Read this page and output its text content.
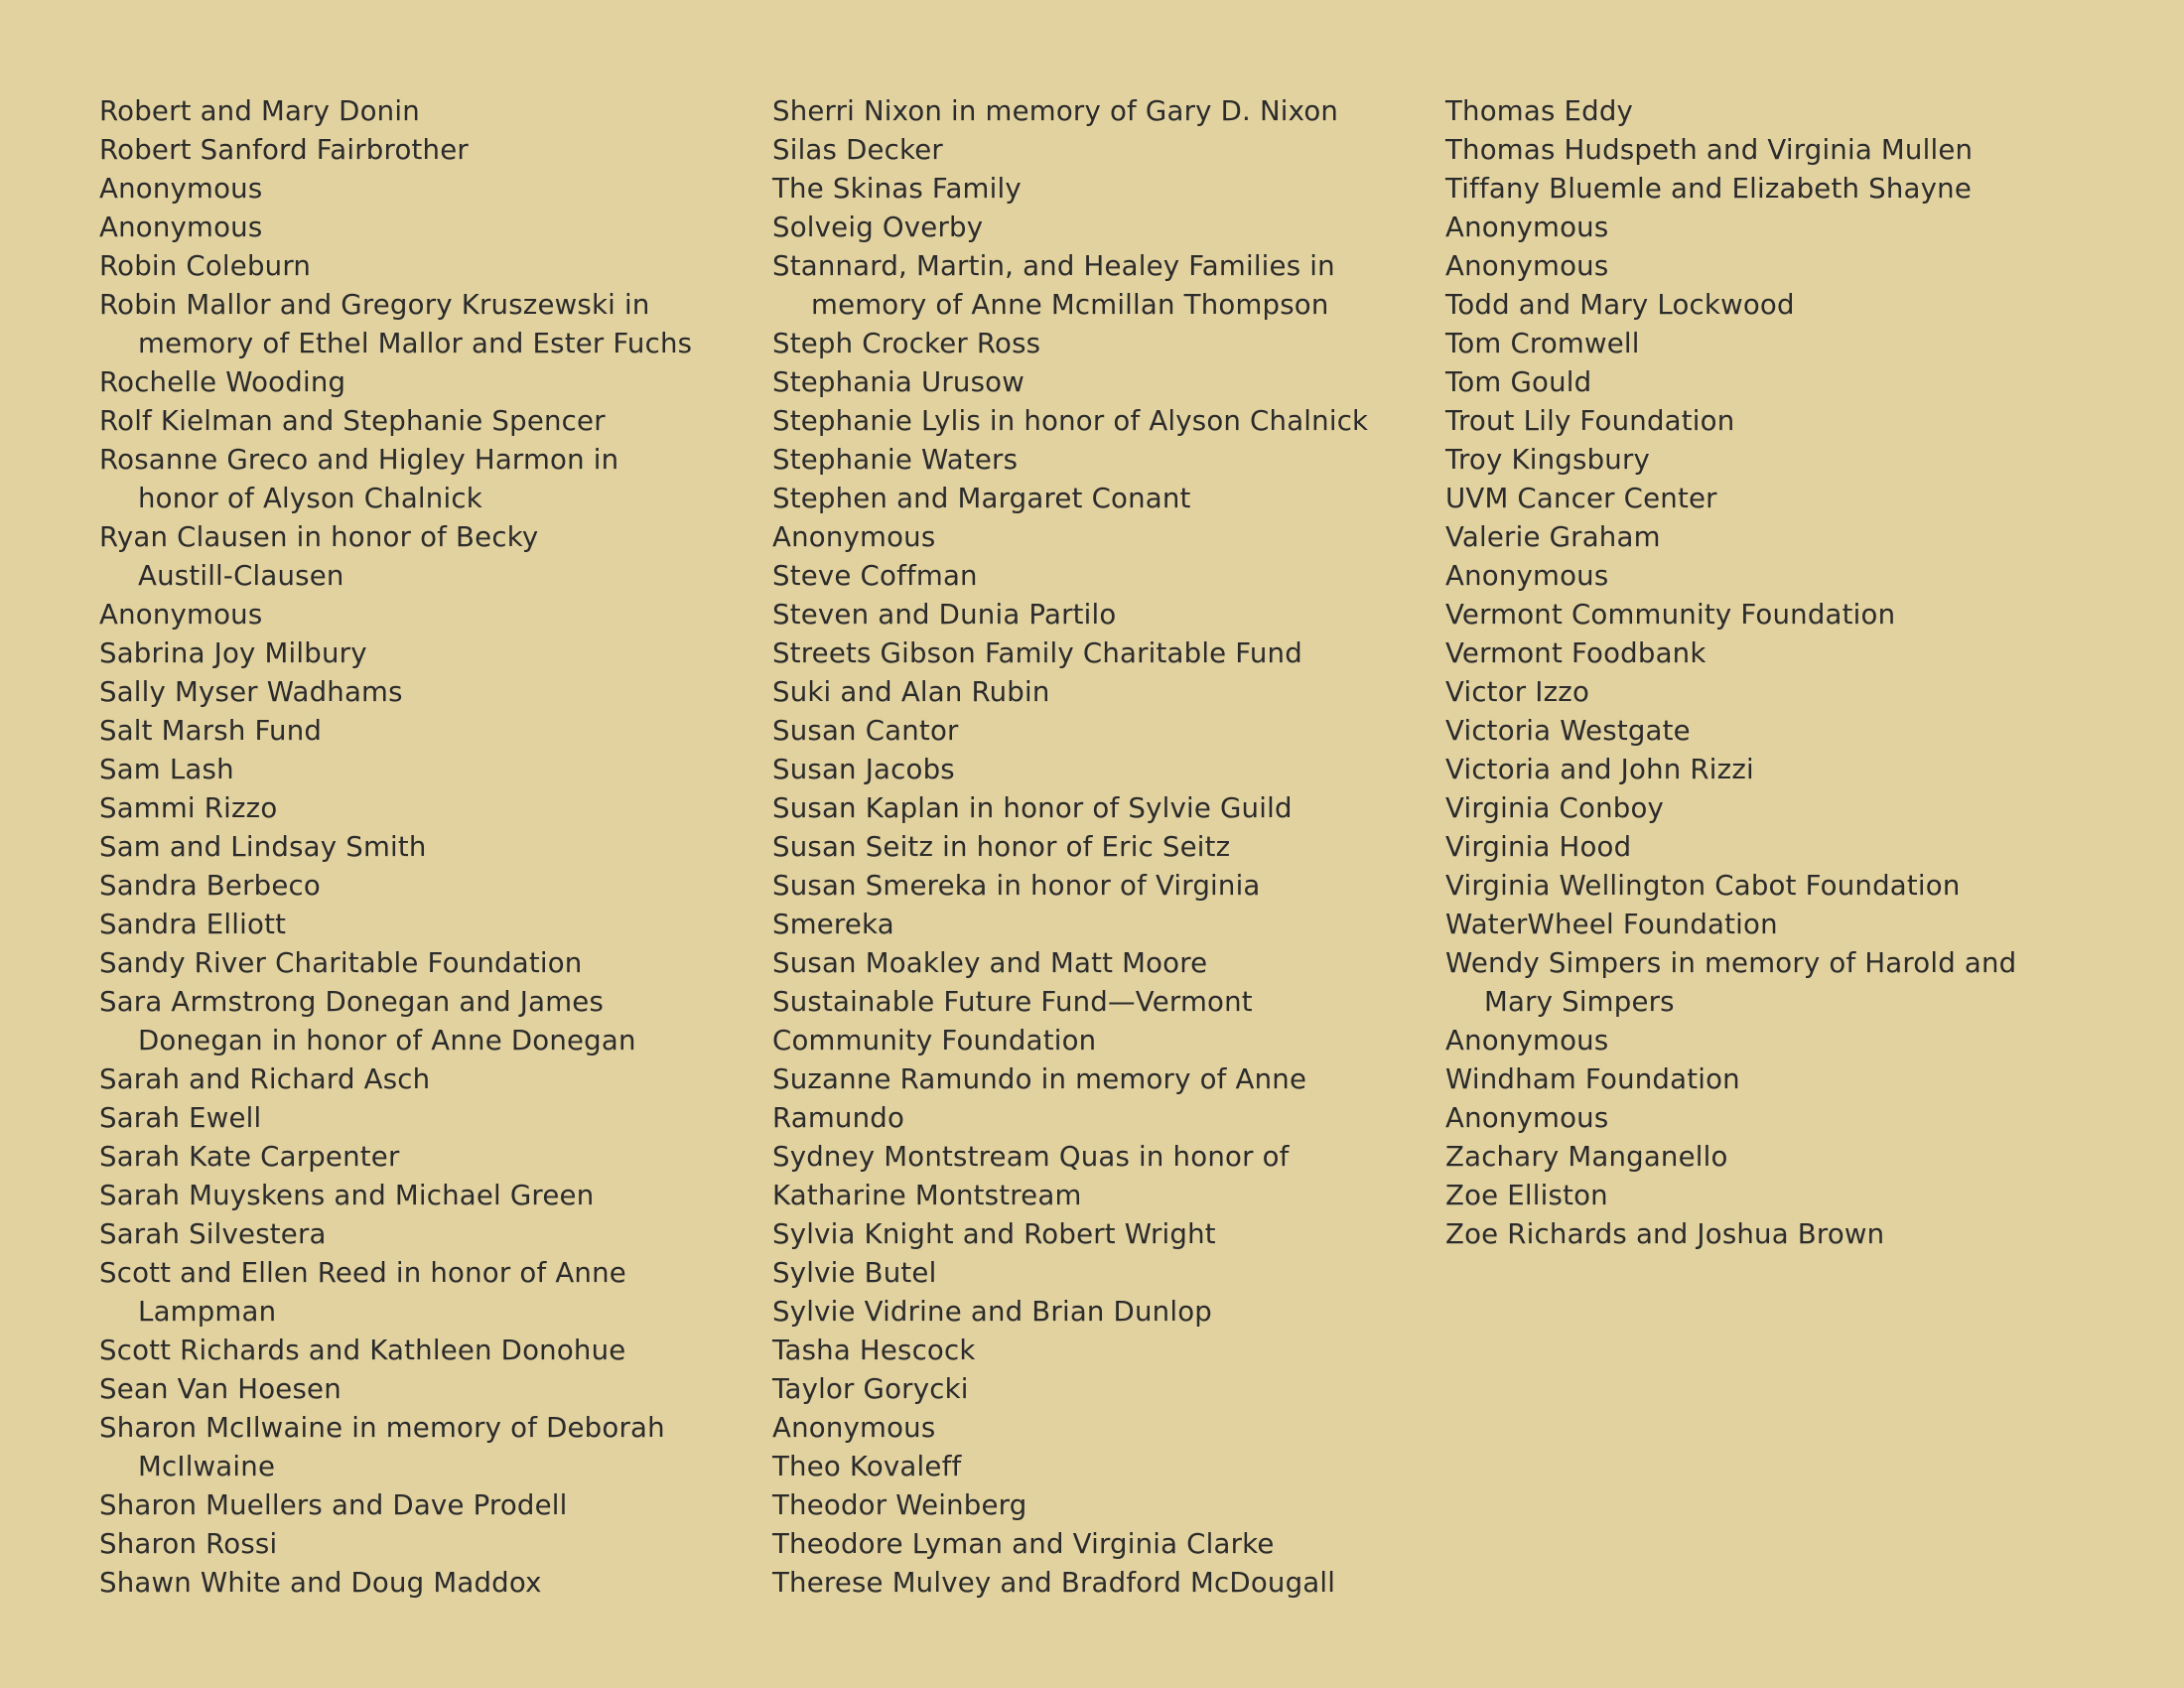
Robert and Mary Donin
Robert Sanford Fairbrother
Anonymous
Anonymous
Robin Coleburn
Robin Mallor and Gregory Kruszewski in
memory of Ethel Mallor and Ester Fuchs
Rochelle Wooding
Rolf Kielman and Stephanie Spencer
Rosanne Greco and Higley Harmon in
honor of Alyson Chalnick
Ryan Clausen in honor of Becky
Austill-Clausen
Anonymous
Sabrina Joy Milbury
Sally Myser Wadhams
Salt Marsh Fund
Sam Lash
Sammi Rizzo
Sam and Lindsay Smith
Sandra Berbeco
Sandra Elliott
Sandy River Charitable Foundation
Sara Armstrong Donegan and James
Donegan in honor of Anne Donegan
Sarah and Richard Asch
Sarah Ewell
Sarah Kate Carpenter
Sarah Muyskens and Michael Green
Sarah Silvestera
Scott and Ellen Reed in honor of Anne
Lampman
Scott Richards and Kathleen Donohue
Sean Van Hoesen
Sharon McIlwaine in memory of Deborah
McIlwaine
Sharon Muellers and Dave Prodell
Sharon Rossi
Shawn White and Doug Maddox
Sherri Nixon in memory of Gary D. Nixon
Silas Decker
The Skinas Family
Solveig Overby
Stannard, Martin, and Healey Families in
memory of Anne Mcmillan Thompson
Steph Crocker Ross
Stephania Urusow
Stephanie Lylis in honor of Alyson Chalnick
Stephanie Waters
Stephen and Margaret Conant
Anonymous
Steve Coffman
Steven and Dunia Partilo
Streets Gibson Family Charitable Fund
Suki and Alan Rubin
Susan Cantor
Susan Jacobs
Susan Kaplan in honor of Sylvie Guild
Susan Seitz in honor of Eric Seitz
Susan Smereka in honor of Virginia
Smereka
Susan Moakley and Matt Moore
Sustainable Future Fund—Vermont
Community Foundation
Suzanne Ramundo in memory of Anne
Ramundo
Sydney Montstream Quas in honor of
Katharine Montstream
Sylvia Knight and Robert Wright
Sylvie Butel
Sylvie Vidrine and Brian Dunlop
Tasha Hescock
Taylor Gorycki
Anonymous
Theo Kovaleff
Theodor Weinberg
Theodore Lyman and Virginia Clarke
Therese Mulvey and Bradford McDougall
Thomas Eddy
Thomas Hudspeth and Virginia Mullen
Tiffany Bluemle and Elizabeth Shayne
Anonymous
Anonymous
Todd and Mary Lockwood
Tom Cromwell
Tom Gould
Trout Lily Foundation
Troy Kingsbury
UVM Cancer Center
Valerie Graham
Anonymous
Vermont Community Foundation
Vermont Foodbank
Victor Izzo
Victoria Westgate
Victoria and John Rizzi
Virginia Conboy
Virginia Hood
Virginia Wellington Cabot Foundation
WaterWheel Foundation
Wendy Simpers in memory of Harold and
Mary Simpers
Anonymous
Windham Foundation
Anonymous
Zachary Manganello
Zoe Elliston
Zoe Richards and Joshua Brown
